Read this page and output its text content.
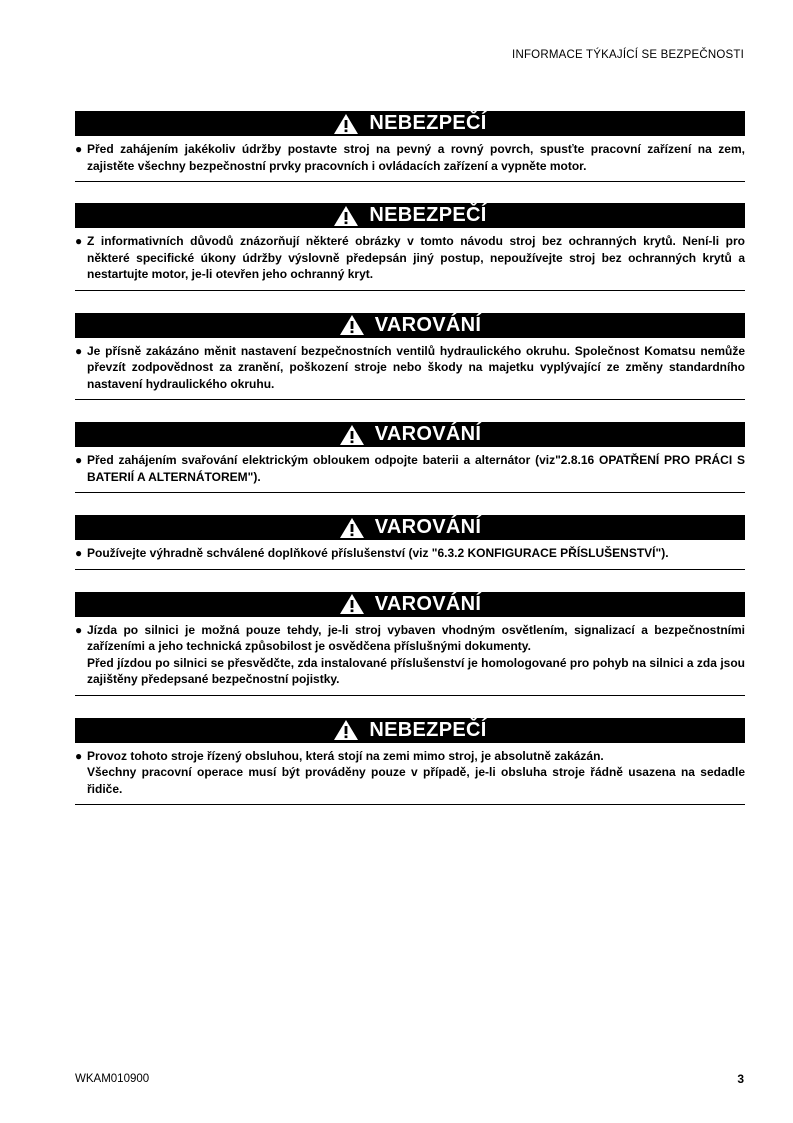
INFORMACE TÝKAJÍCÍ SE BEZPEČNOSTI
NEBEZPEČÍ
● Před zahájením jakékoliv údržby postavte stroj na pevný a rovný povrch, spusťte pracovní zařízení na zem, zajistěte všechny bezpečnostní prvky pracovních i ovládacích zařízení a vypněte motor.
NEBEZPEČÍ
● Z informativních důvodů znázorňují některé obrázky v tomto návodu stroj bez ochranných krytů. Není-li pro některé specifické úkony údržby výslovně předepsán jiný postup, nepoužívejte stroj bez ochranných krytů a nestartujte motor, je-li otevřen jeho ochranný kryt.
VAROVÁNÍ
● Je přísně zakázáno měnit nastavení bezpečnostních ventilů hydraulického okruhu. Společnost Komatsu nemůže převzít zodpovědnost za zranění, poškození stroje nebo škody na majetku vyplývající ze změny standardního nastavení hydraulického okruhu.
VAROVÁNÍ
● Před zahájením svařování elektrickým obloukem odpojte baterii a alternátor (viz"2.8.16 OPATŘENÍ PRO PRÁCI S BATERIÍ A ALTERNÁTOREM").
VAROVÁNÍ
● Používejte výhradně schválené doplňkové příslušenství (viz "6.3.2 KONFIGURACE PŘÍSLUŠENSTVÍ").
VAROVÁNÍ
● Jízda po silnici je možná pouze tehdy, je-li stroj vybaven vhodným osvětlením, signalizací a bezpečnostními zařízeními a jeho technická způsobilost je osvědčena příslušnými dokumenty.
Před jízdou po silnici se přesvědčte, zda instalované příslušenství je homologované pro pohyb na silnici a zda jsou zajištěny předepsané bezpečnostní pojistky.
NEBEZPEČÍ
● Provoz tohoto stroje řízený obsluhou, která stojí na zemi mimo stroj, je absolutně zakázán.
Všechny pracovní operace musí být prováděny pouze v případě, je-li obsluha stroje řádně usazena na sedadle řidiče.
WKAM010900	3
